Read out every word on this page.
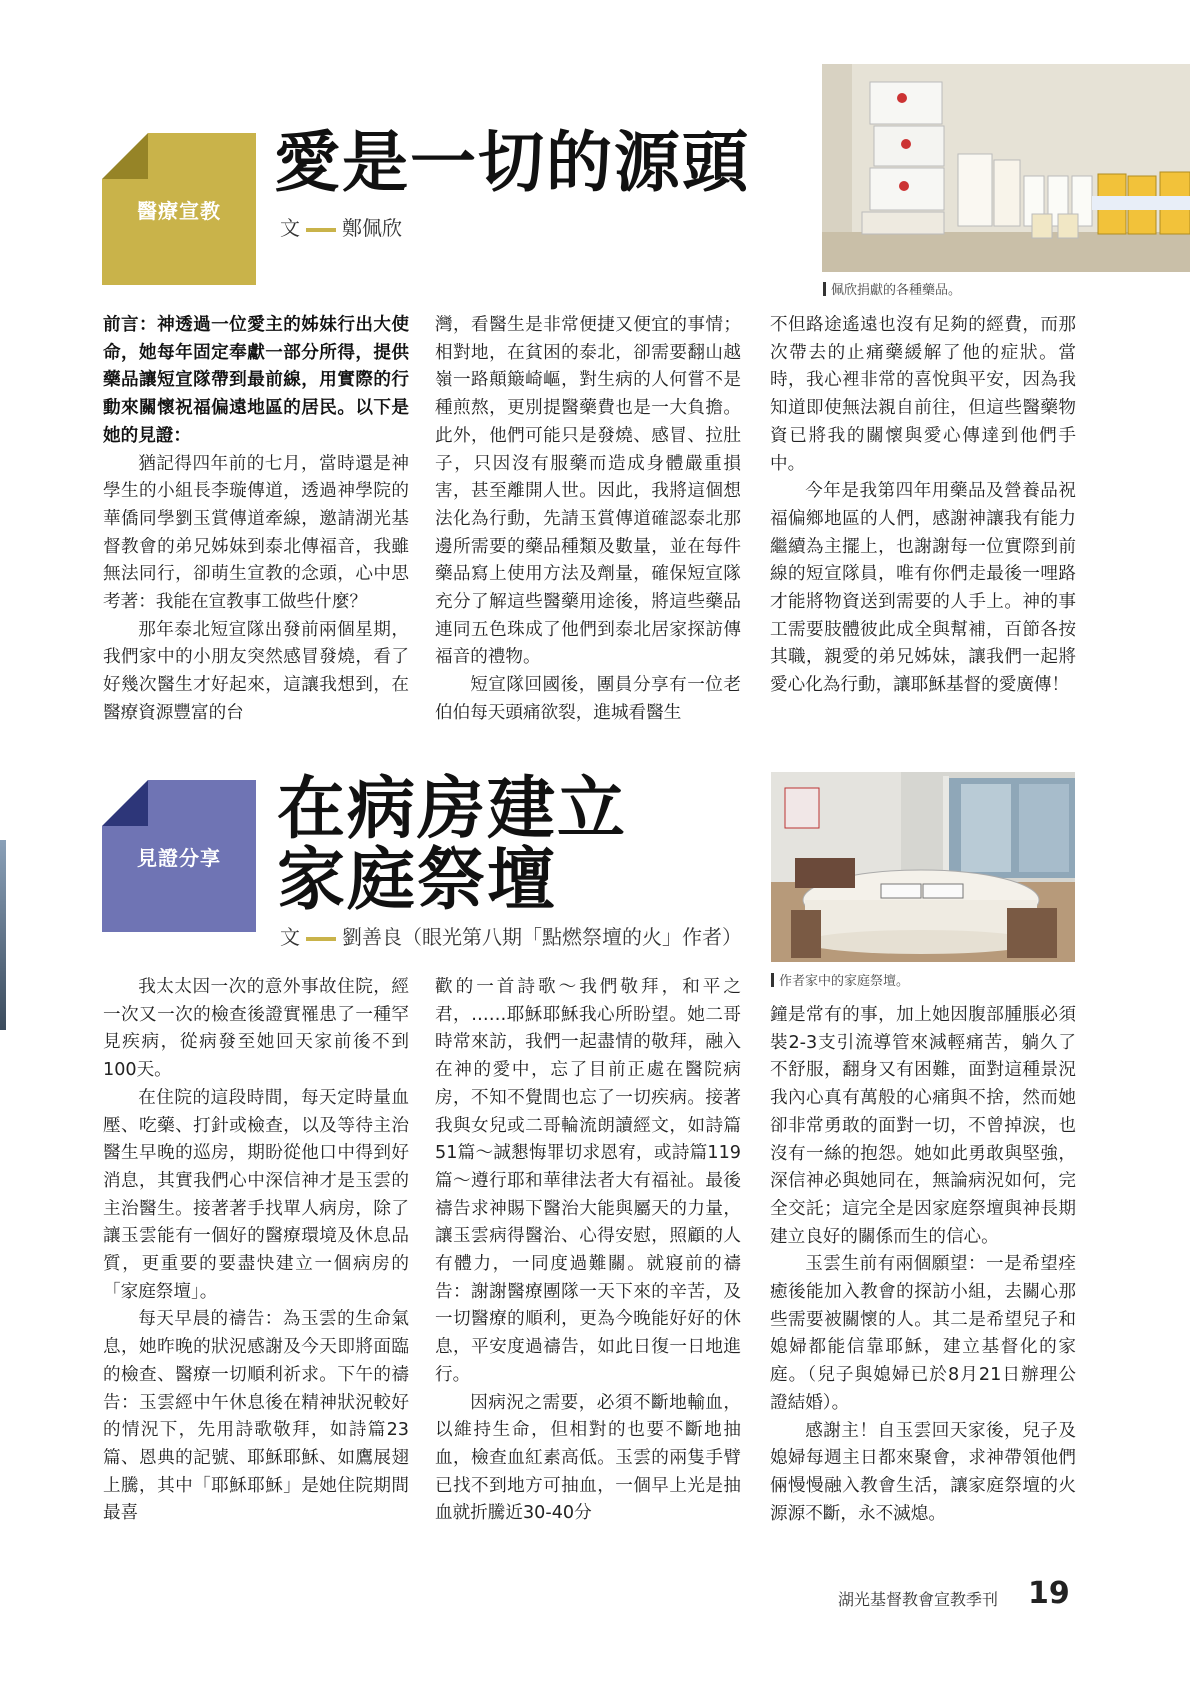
醫療宣教
愛是一切的源頭
文 鄭佩欣
佩欣捐獻的各種藥品。

前言：神透過一位愛主的姊妹行出大使命，她每年固定奉獻一部分所得，提供藥品讓短宣隊帶到最前線，用實際的行動來關懷祝福偏遠地區的居民。以下是她的見證：

猶記得四年前的七月，當時還是神學生的小組長李璇傳道，透過神學院的華僑同學劉玉賞傳道牽線，邀請湖光基督教會的弟兄姊妹到泰北傳福音，我雖無法同行，卻萌生宣教的念頭，心中思考著：我能在宣教事工做些什麼？

那年泰北短宣隊出發前兩個星期，我們家中的小朋友突然感冒發燒，看了好幾次醫生才好起來，這讓我想到，在醫療資源豐富的台

灣，看醫生是非常便捷又便宜的事情；相對地，在貧困的泰北，卻需要翻山越嶺一路顛簸崎嶇，對生病的人何嘗不是種煎熬，更別提醫藥費也是一大負擔。此外，他們可能只是發燒、感冒、拉肚子，只因沒有服藥而造成身體嚴重損害，甚至離開人世。因此，我將這個想法化為行動，先請玉賞傳道確認泰北那邊所需要的藥品種類及數量，並在每件藥品寫上使用方法及劑量，確保短宣隊充分了解這些醫藥用途後，將這些藥品連同五色珠成了他們到泰北居家探訪傳福音的禮物。

短宣隊回國後，團員分享有一位老伯伯每天頭痛欲裂，進城看醫生

不但路途遙遠也沒有足夠的經費，而那次帶去的止痛藥緩解了他的症狀。當時，我心裡非常的喜悅與平安，因為我知道即使無法親自前往，但這些醫藥物資已將我的關懷與愛心傳達到他們手中。

今年是我第四年用藥品及營養品祝福偏鄉地區的人們，感謝神讓我有能力繼續為主擺上，也謝謝每一位實際到前線的短宣隊員，唯有你們走最後一哩路才能將物資送到需要的人手上。神的事工需要肢體彼此成全與幫補，百節各按其職，親愛的弟兄姊妹，讓我們一起將愛心化為行動，讓耶穌基督的愛廣傳！

見證分享
在病房建立
家庭祭壇
文 劉善良（眼光第八期「點燃祭壇的火」作者）
作者家中的家庭祭壇。

我太太因一次的意外事故住院，經一次又一次的檢查後證實罹患了一種罕見疾病，從病發至她回天家前後不到100天。

在住院的這段時間，每天定時量血壓、吃藥、打針或檢查，以及等待主治醫生早晚的巡房，期盼從他口中得到好消息，其實我們心中深信神才是玉雲的主治醫生。接著著手找單人病房，除了讓玉雲能有一個好的醫療環境及休息品質，更重要的要盡快建立一個病房的「家庭祭壇」。

每天早晨的禱告：為玉雲的生命氣息，她昨晚的狀況感謝及今天即將面臨的檢查、醫療一切順利祈求。下午的禱告：玉雲經中午休息後在精神狀況較好的情況下，先用詩歌敬拜，如詩篇23篇、恩典的記號、耶穌耶穌、如鷹展翅上騰，其中「耶穌耶穌」是她住院期間最喜

歡的一首詩歌～我們敬拜，和平之君，……耶穌耶穌我心所盼望。她二哥時常來訪，我們一起盡情的敬拜，融入在神的愛中，忘了目前正處在醫院病房，不知不覺間也忘了一切疾病。接著我與女兒或二哥輪流朗讀經文，如詩篇51篇～誠懇悔罪切求恩宥，或詩篇119篇～遵行耶和華律法者大有福祉。最後禱告求神賜下醫治大能與屬天的力量，讓玉雲病得醫治、心得安慰，照顧的人有體力，一同度過難關。就寢前的禱告：謝謝醫療團隊一天下來的辛苦，及一切醫療的順利，更為今晚能好好的休息，平安度過禱告，如此日復一日地進行。

因病況之需要，必須不斷地輸血，以維持生命，但相對的也要不斷地抽血，檢查血紅素高低。玉雲的兩隻手臂已找不到地方可抽血，一個早上光是抽血就折騰近30-40分

鐘是常有的事，加上她因腹部腫脹必須裝2-3支引流導管來減輕痛苦，躺久了不舒服，翻身又有困難，面對這種景況我內心真有萬般的心痛與不捨，然而她卻非常勇敢的面對一切，不曾掉淚，也沒有一絲的抱怨。她如此勇敢與堅強，深信神必與她同在，無論病況如何，完全交託；這完全是因家庭祭壇與神長期建立良好的關係而生的信心。

玉雲生前有兩個願望：一是希望痊癒後能加入教會的探訪小組，去關心那些需要被關懷的人。其二是希望兒子和媳婦都能信靠耶穌，建立基督化的家庭。（兒子與媳婦已於8月21日辦理公證結婚）。

感謝主！自玉雲回天家後，兒子及媳婦每週主日都來聚會，求神帶領他們倆慢慢融入教會生活，讓家庭祭壇的火源源不斷，永不滅熄。

湖光基督教會宣教季刊 19
